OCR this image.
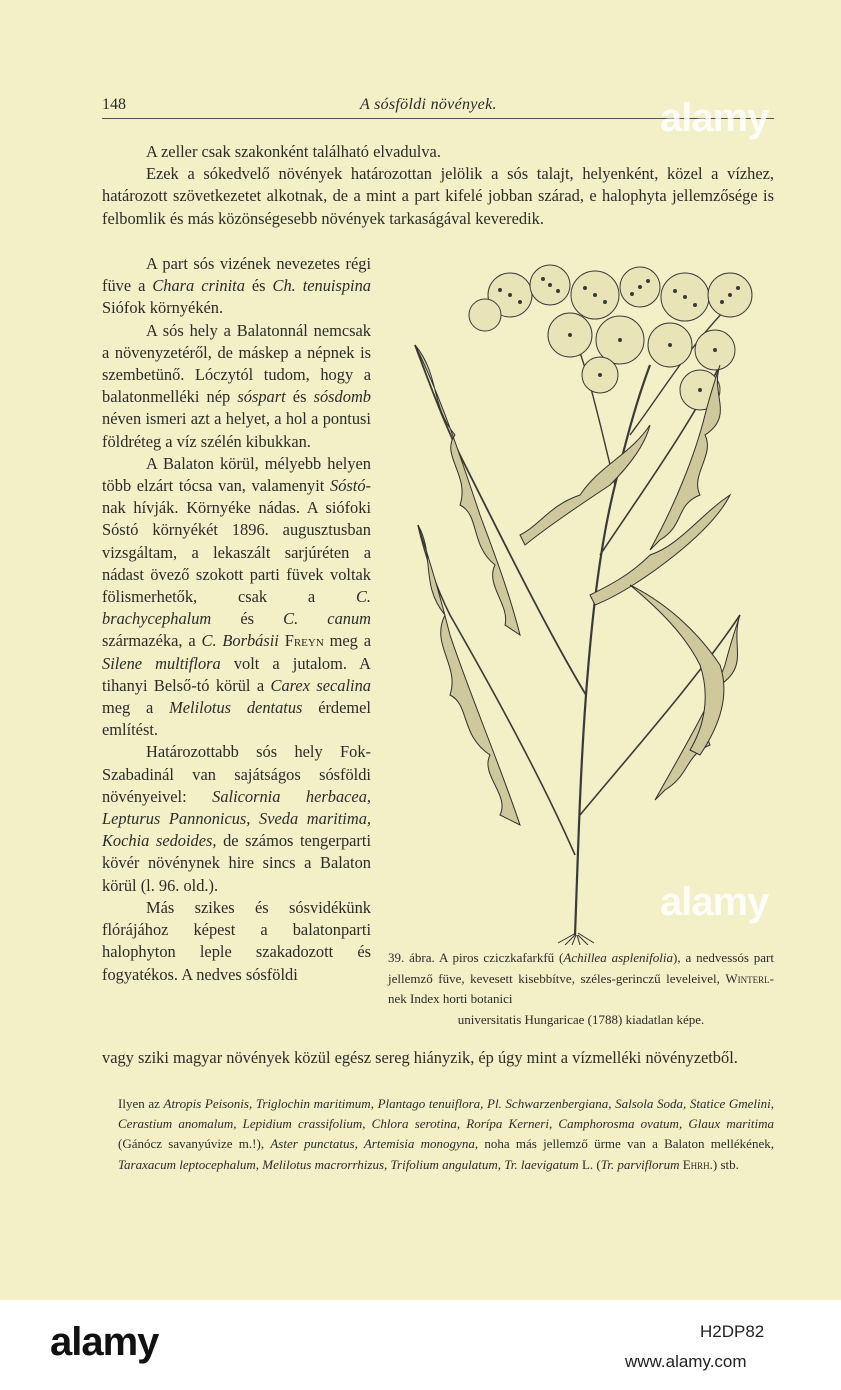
148	A sósföldi növények.

A zeller csak szakonként található elvadulva.

Ezek a sókedvelő növények határozottan jelölik a sós talajt, helyenként, közel a vízhez, határozott szövetkezetet alkotnak, de a mint a part kifelé jobban szárad, e halophyta jellemzősége is felbomlik és más közönségesebb növények tarkaságával keveredik.

A part sós vizének nevezetes régi füve a Chara crinita és Ch. tenuispina Siófok környékén.

A sós hely a Balatonnál nemcsak a növenyzetéről, de máskep a népnek is szembetünő. Lóczytól tudom, hogy a balatonmelléki nép sóspart és sósdomb néven ismeri azt a helyet, a hol a pontusi földréteg a víz szélén kibukkan.

A Balaton körül, mélyebb helyen több elzárt tócsa van, valamenyit Sóstó-nak hívják. Környéke nádas. A siófoki Sóstó környékét 1896. augusztusban vizsgáltam, a lekaszált sarjúréten a nádast övező szokott parti füvek voltak fölismerhetők, csak a C. brachycephalum és C. canum származéka, a C. Borbásii Freyn meg a Silene multiflora volt a jutalom. A tihanyi Belső-tó körül a Carex secalina meg a Melilotus dentatus érdemel említést.

Határozottabb sós hely Fok-Szabadinál van sajátságos sósföldi növényeivel: Salicornia herbacea, Lepturus Pannonicus, Sveda maritima, Kochia sedoides, de számos tengerparti kövér növénynek hire sincs a Balaton körül (l. 96. old.).

Más szikes és sósvidékünk flórájához képest a balatonparti halophyton leple szakadozott és fogyatékos. A nedves sósföldi

vagy sziki magyar növények közül egész sereg hiányzik, ép úgy mint a vízmelléki növényzetből.
Ilyen az Atropis Peisonis, Triglochin maritimum, Plantago tenuiflora, Pl. Schwarzenbergiana, Salsola Soda, Statice Gmelini, Cerastium anomalum, Lepidium crassifolium, Chlora serotina, Rorípa Kerneri, Camphorosma ovatum, Glaux maritima (Gánócz savanyúvize m.!), Aster punctatus, Artemisia monogyna, noha más jellemző ürme van a Balaton mellékének, Taraxacum leptocephalum, Melilotus macrorrhizus, Trifolium angulatum, Tr. laevigatum L. (Tr. parviflorum Ehrh.) stb.
39. ábra. A piros cziczkafarkfű (Achillea asplenifolia), a nedvessós part jellemző füve, kevesett kisebbítve, széles-gerinczű leveleivel, Winterl-nek Index horti botanici
universitatis Hungaricae (1788) kiadatlan képe.
alamy
alamy
alamy	H2DP82
www.alamy.com
